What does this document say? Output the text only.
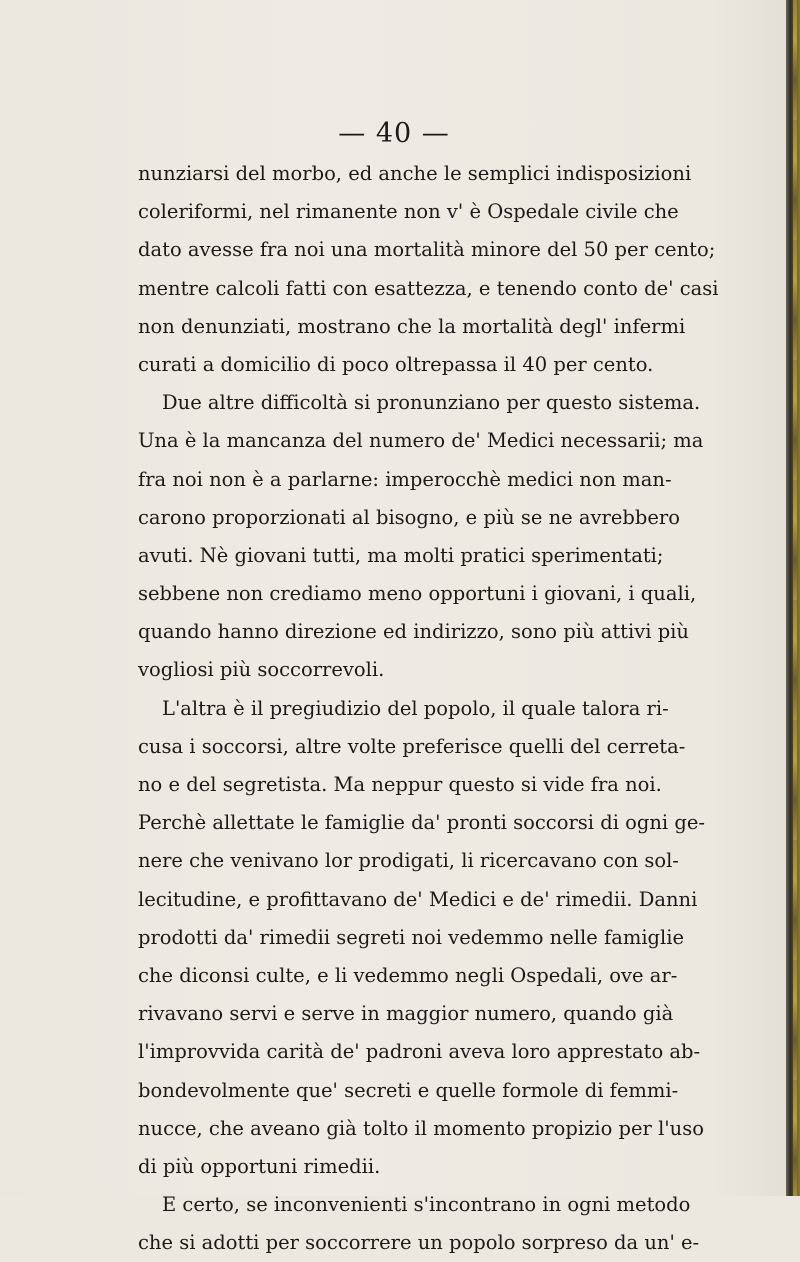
— 40 —
nunziarsi del morbo, ed anche le semplici indisposizioni
coleriformi, nel rimanente non v' è Ospedale civile che
dato avesse fra noi una mortalità minore del 50 per cento;
mentre calcoli fatti con esattezza, e tenendo conto de' casi
non denunziati, mostrano che la mortalità degl' infermi
curati a domicilio di poco oltrepassa il 40 per cento.
Due altre difficoltà si pronunziano per questo sistema.
Una è la mancanza del numero de' Medici necessarii; ma
fra noi non è a parlarne: imperocchè medici non man-
carono proporzionati al bisogno, e più se ne avrebbero
avuti. Nè giovani tutti, ma molti pratici sperimentati;
sebbene non crediamo meno opportuni i giovani, i quali,
quando hanno direzione ed indirizzo, sono più attivi più
vogliosi più soccorrevoli.
L'altra è il pregiudizio del popolo, il quale talora ri-
cusa i soccorsi, altre volte preferisce quelli del cerreta-
no e del segretista. Ma neppur questo si vide fra noi.
Perchè allettate le famiglie da' pronti soccorsi di ogni ge-
nere che venivano lor prodigati, li ricercavano con sol-
lecitudine, e profittavano de' Medici e de' rimedii. Danni
prodotti da' rimedii segreti noi vedemmo nelle famiglie
che diconsi culte, e li vedemmo negli Ospedali, ove ar-
rivavano servi e serve in maggior numero, quando già
l'improvvida carità de' padroni aveva loro apprestato ab-
bondevolmente que' secreti e quelle formole di femmi-
nucce, che aveano già tolto il momento propizio per l'uso
di più opportuni rimedii.
E certo, se inconvenienti s'incontrano in ogni metodo
che si adotti per soccorrere un popolo sorpreso da un' e-
